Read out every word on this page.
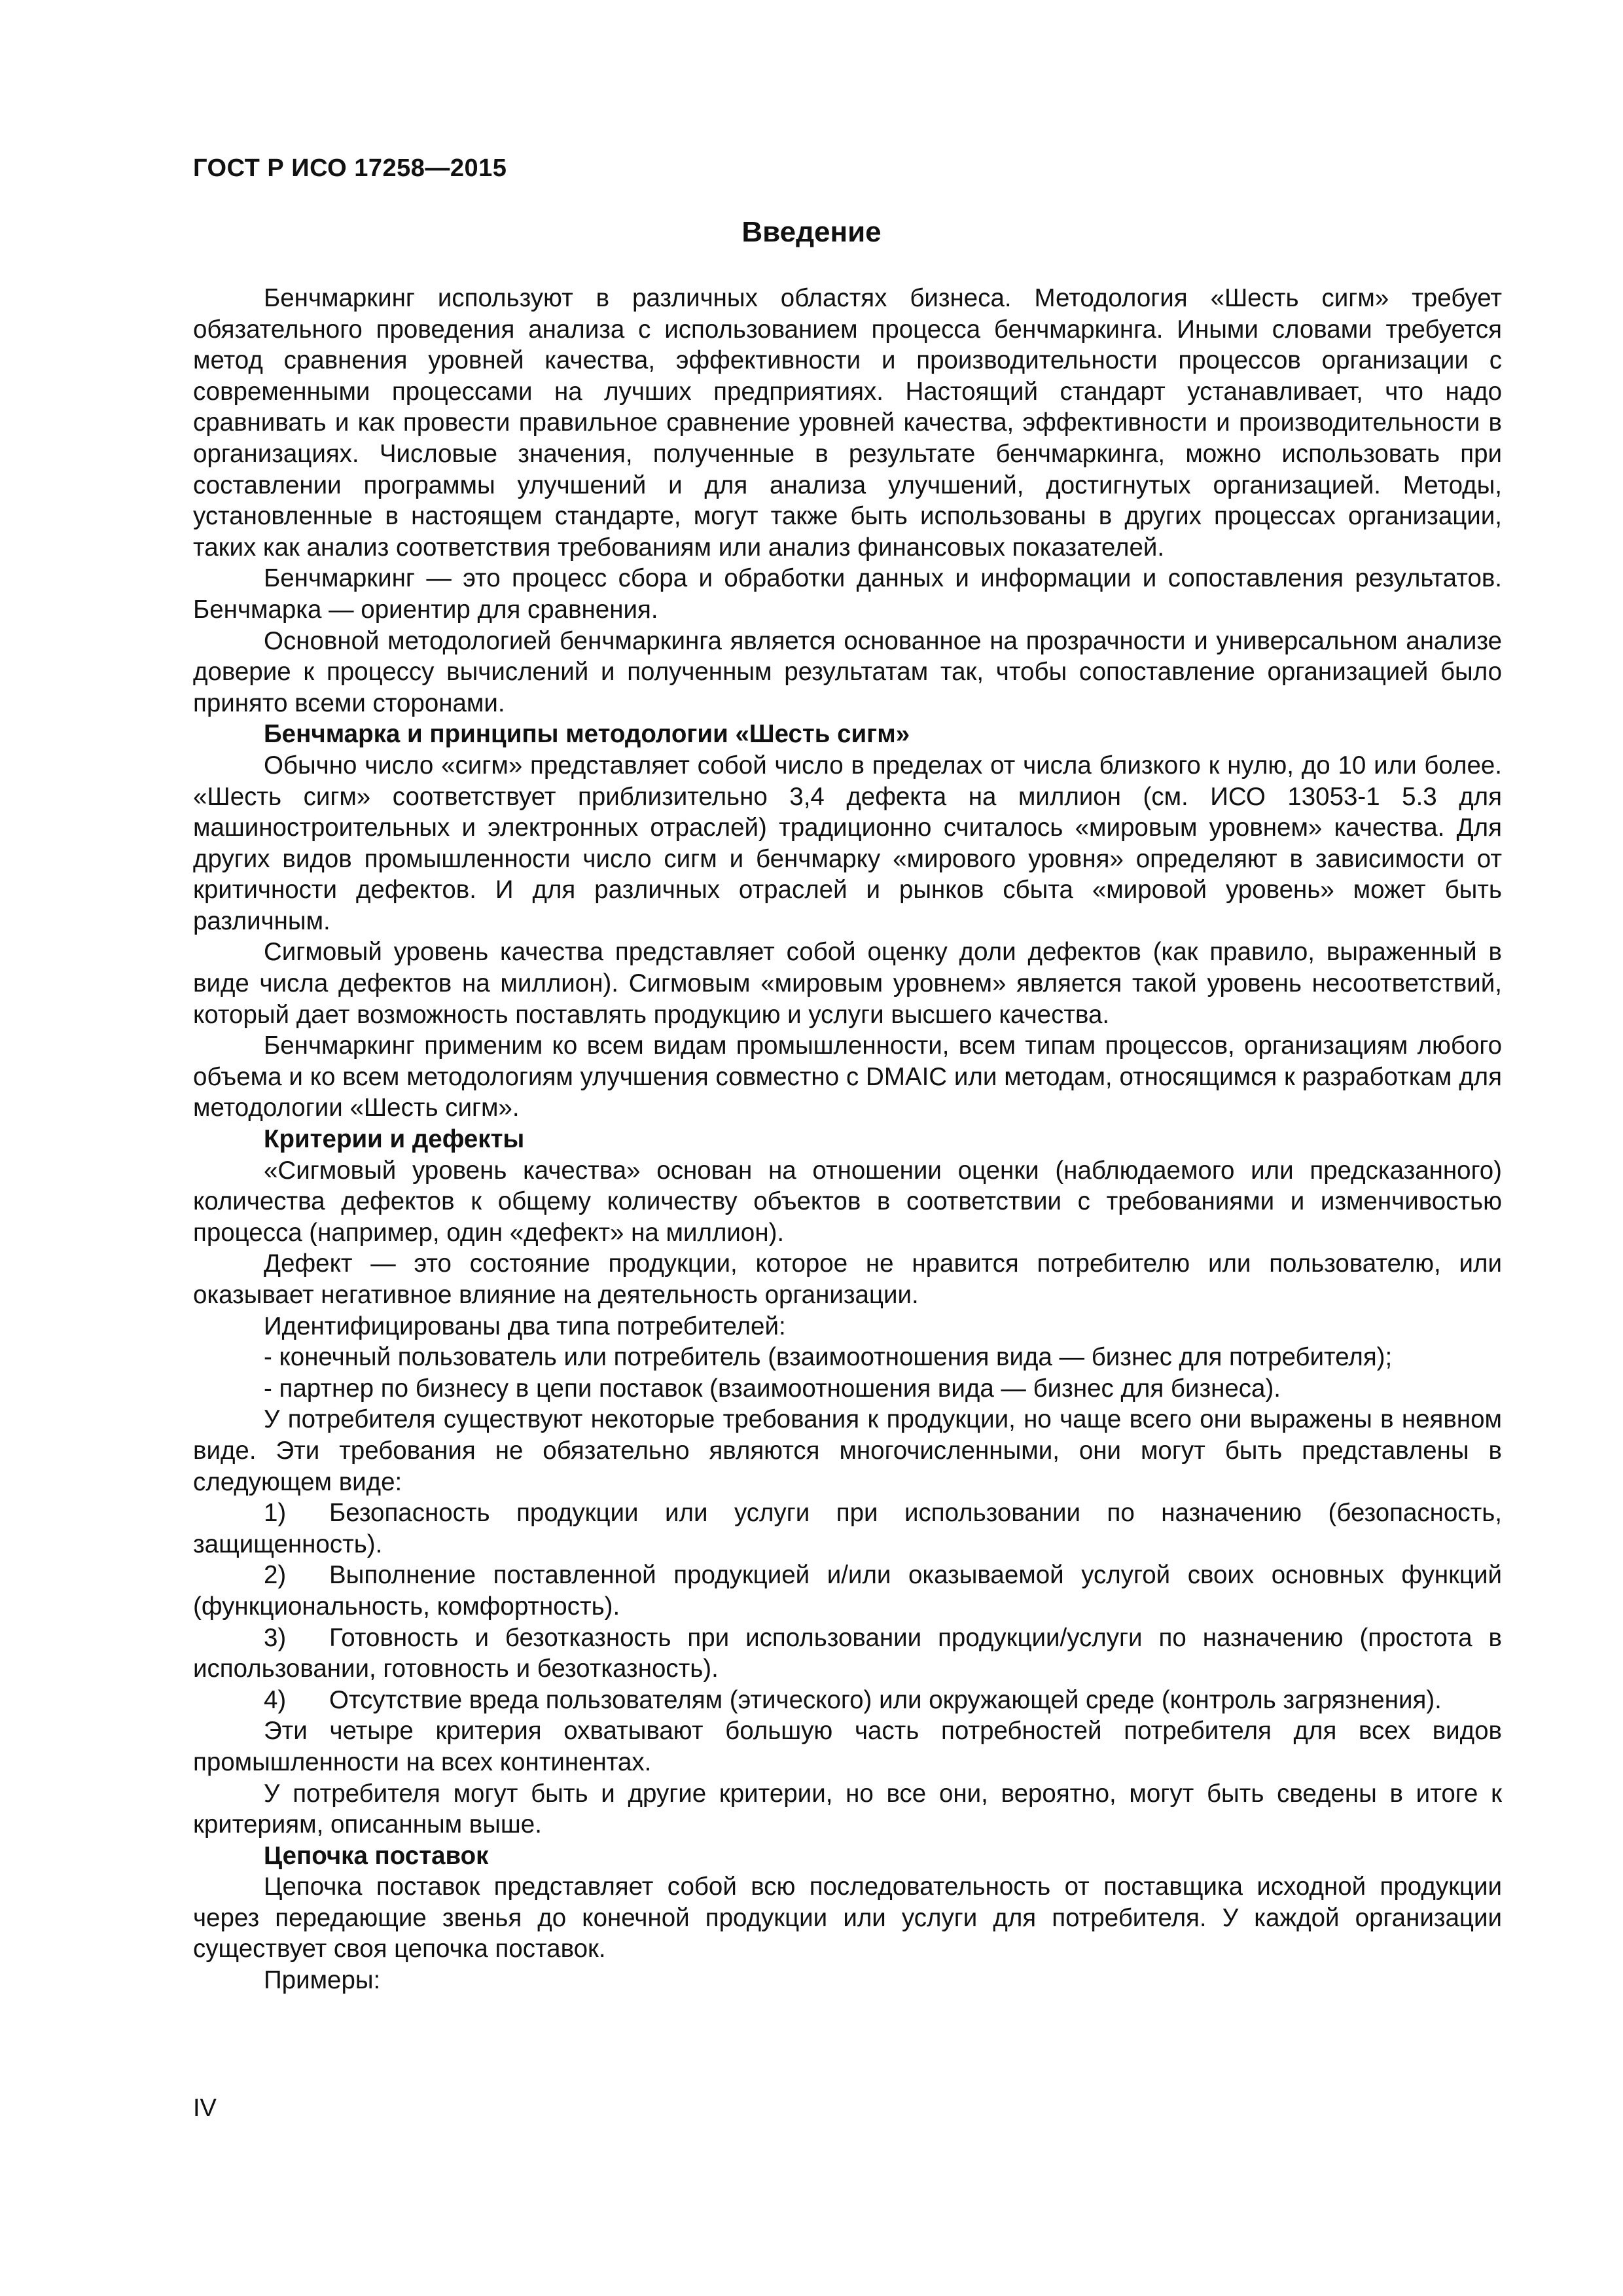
ГОСТ Р ИСО 17258—2015
Введение

Бенчмаркинг используют в различных областях бизнеса. Методология «Шесть сигм» требует обязательного проведения анализа с использованием процесса бенчмаркинга. Иными словами требуется метод сравнения уровней качества, эффективности и производительности процессов организации с современными процессами на лучших предприятиях. Настоящий стандарт устанавливает, что надо сравнивать и как провести правильное сравнение уровней качества, эффективности и производительности в организациях. Числовые значения, полученные в результате бенчмаркинга, можно использовать при составлении программы улучшений и для анализа улучшений, достигнутых организацией. Методы, установленные в настоящем стандарте, могут также быть использованы в других процессах организации, таких как анализ соответствия требованиям или анализ финансовых показателей.

Бенчмаркинг — это процесс сбора и обработки данных и информации и сопоставления результатов. Бенчмарка — ориентир для сравнения.

Основной методологией бенчмаркинга является основанное на прозрачности и универсальном анализе доверие к процессу вычислений и полученным результатам так, чтобы сопоставление организацией было принято всеми сторонами.

Бенчмарка и принципы методологии «Шесть сигм»

Обычно число «сигм» представляет собой число в пределах от числа близкого к нулю, до 10 или более. «Шесть сигм» соответствует приблизительно 3,4 дефекта на миллион (см. ИСО 13053-1 5.3 для машиностроительных и электронных отраслей) традиционно считалось «мировым уровнем» качества. Для других видов промышленности число сигм и бенчмарку «мирового уровня» определяют в зависимости от критичности дефектов. И для различных отраслей и рынков сбыта «мировой уровень» может быть различным.

Сигмовый уровень качества представляет собой оценку доли дефектов (как правило, выраженный в виде числа дефектов на миллион). Сигмовым «мировым уровнем» является такой уровень несоответствий, который дает возможность поставлять продукцию и услуги высшего качества.

Бенчмаркинг применим ко всем видам промышленности, всем типам процессов, организациям любого объема и ко всем методологиям улучшения совместно с DMAIC или методам, относящимся к разработкам для методологии «Шесть сигм».

Критерии и дефекты

«Сигмовый уровень качества» основан на отношении оценки (наблюдаемого или предсказанного) количества дефектов к общему количеству объектов в соответствии с требованиями и изменчивостью процесса (например, один «дефект» на миллион).

Дефект — это состояние продукции, которое не нравится потребителю или пользователю, или оказывает негативное влияние на деятельность организации.

Идентифицированы два типа потребителей:

- конечный пользователь или потребитель (взаимоотношения вида — бизнес для потребителя);

- партнер по бизнесу в цепи поставок (взаимоотношения вида — бизнес для бизнеса).

У потребителя существуют некоторые требования к продукции, но чаще всего они выражены в неявном виде. Эти требования не обязательно являются многочисленными, они могут быть представлены в следующем виде:

1) Безопасность продукции или услуги при использовании по назначению (безопасность, защищенность).

2) Выполнение поставленной продукцией и/или оказываемой услугой своих основных функций (функциональность, комфортность).

3) Готовность и безотказность при использовании продукции/услуги по назначению (простота в использовании, готовность и безотказность).

4) Отсутствие вреда пользователям (этического) или окружающей среде (контроль загрязнения).

Эти четыре критерия охватывают большую часть потребностей потребителя для всех видов промышленности на всех континентах.

У потребителя могут быть и другие критерии, но все они, вероятно, могут быть сведены в итоге к критериям, описанным выше.

Цепочка поставок

Цепочка поставок представляет собой всю последовательность от поставщика исходной продукции через передающие звенья до конечной продукции или услуги для потребителя. У каждой организации существует своя цепочка поставок.

Примеры:

IV
